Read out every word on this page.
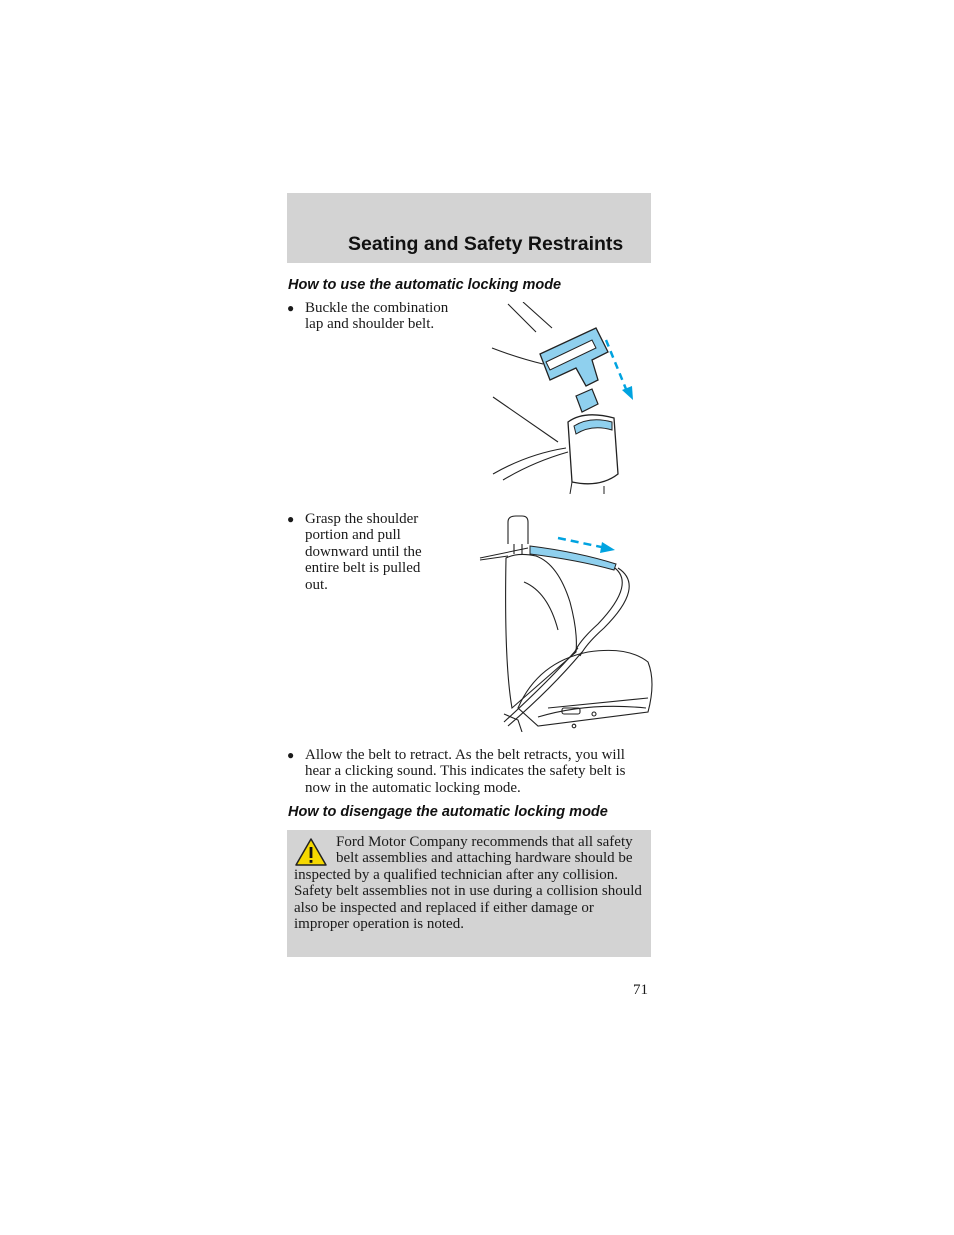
Seating and Safety Restraints
How to use the automatic locking mode
● Buckle the combination lap and shoulder belt.
● Grasp the shoulder portion and pull downward until the entire belt is pulled out.
● Allow the belt to retract. As the belt retracts, you will hear a clicking sound. This indicates the safety belt is now in the automatic locking mode.
How to disengage the automatic locking mode
Ford Motor Company recommends that all safety belt assemblies and attaching hardware should be inspected by a qualified technician after any collision. Safety belt assemblies not in use during a collision should also be inspected and replaced if either damage or improper operation is noted.
71
